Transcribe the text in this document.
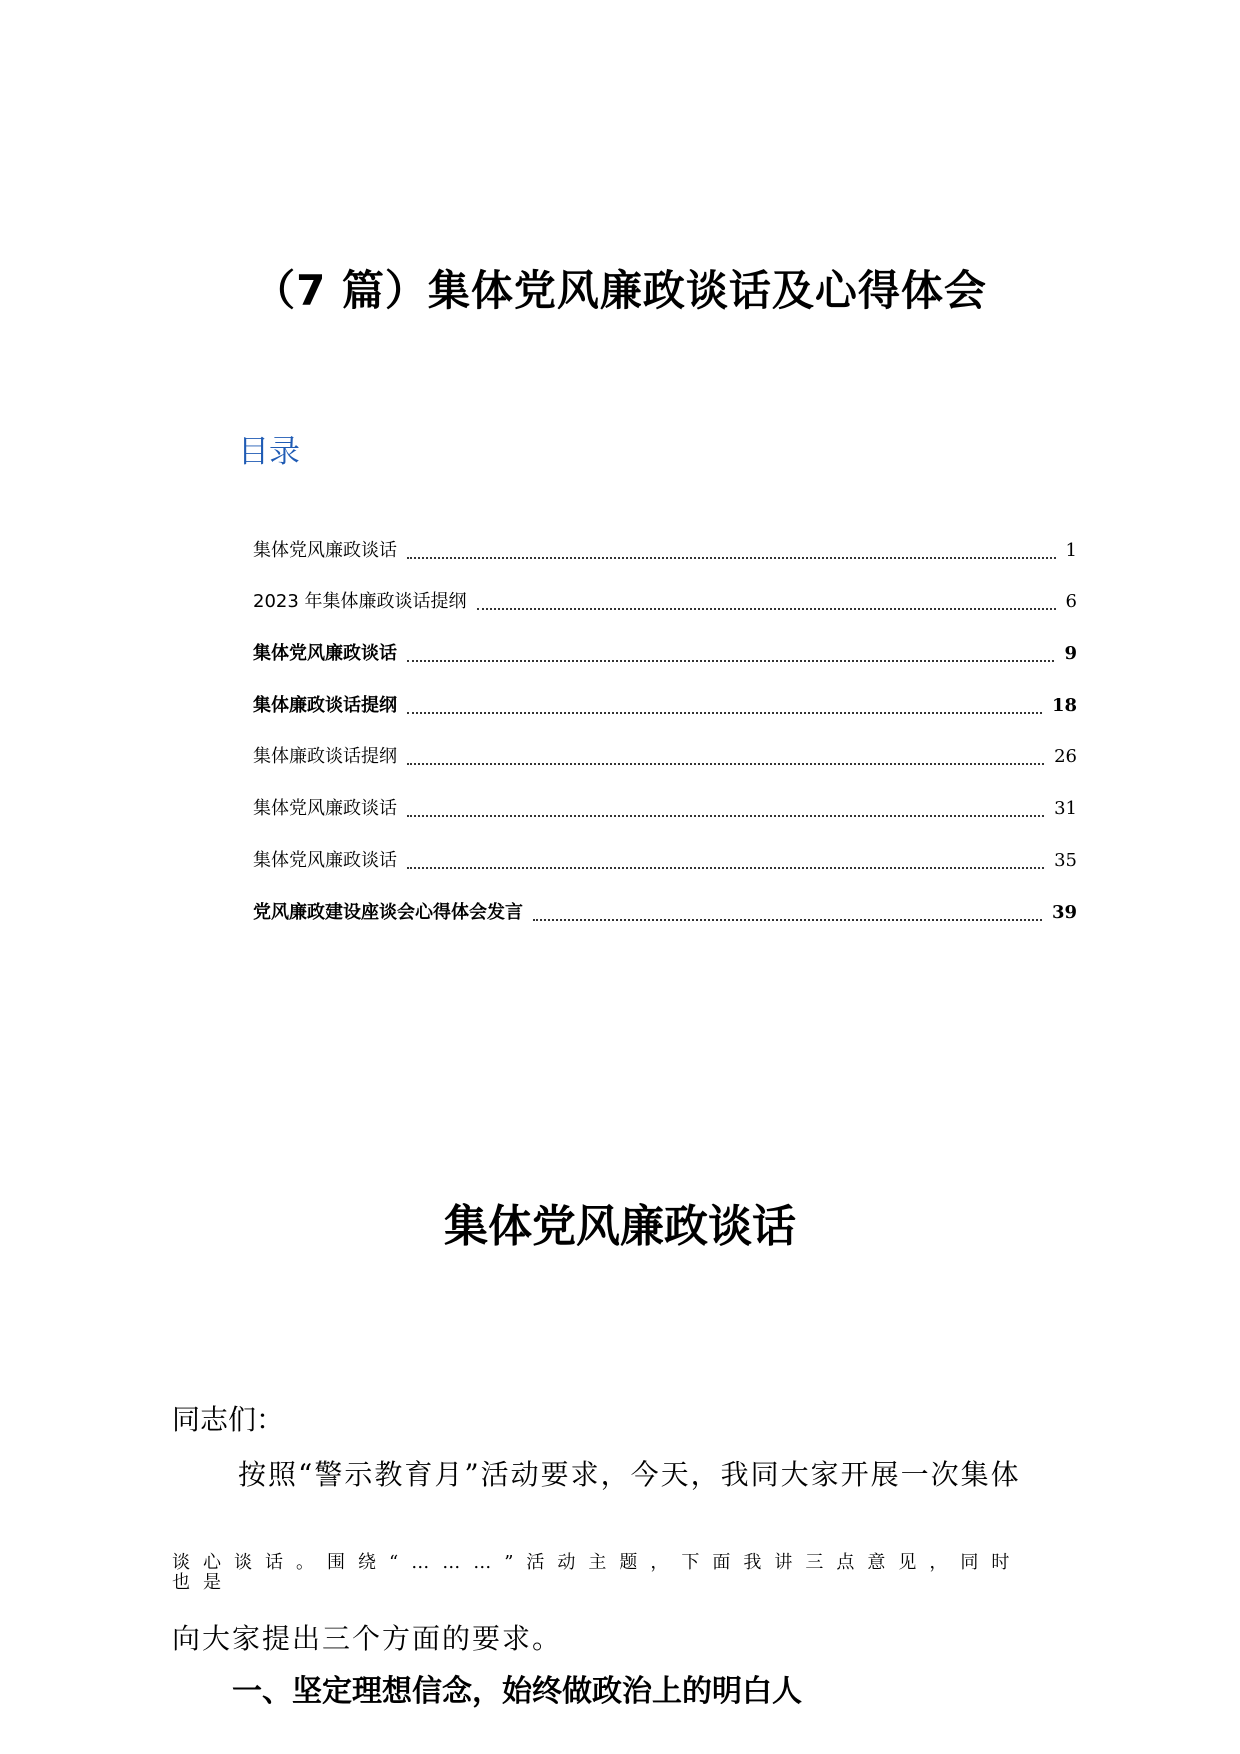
（7 篇）集体党风廉政谈话及心得体会
目录
集体党风廉政谈话	1
2023 年集体廉政谈话提纲	6
集体党风廉政谈话	9
集体廉政谈话提纲	18
集体廉政谈话提纲	26
集体党风廉政谈话	31
集体党风廉政谈话	35
党风廉政建设座谈会心得体会发言	39
集体党风廉政谈话
同志们：
按照“警示教育月”活动要求，今天，我同大家开展一次集体
谈心谈话。围绕“………”活动主题，下面我讲三点意见，同时也是
向大家提出三个方面的要求。
一、坚定理想信念，始终做政治上的明白人
